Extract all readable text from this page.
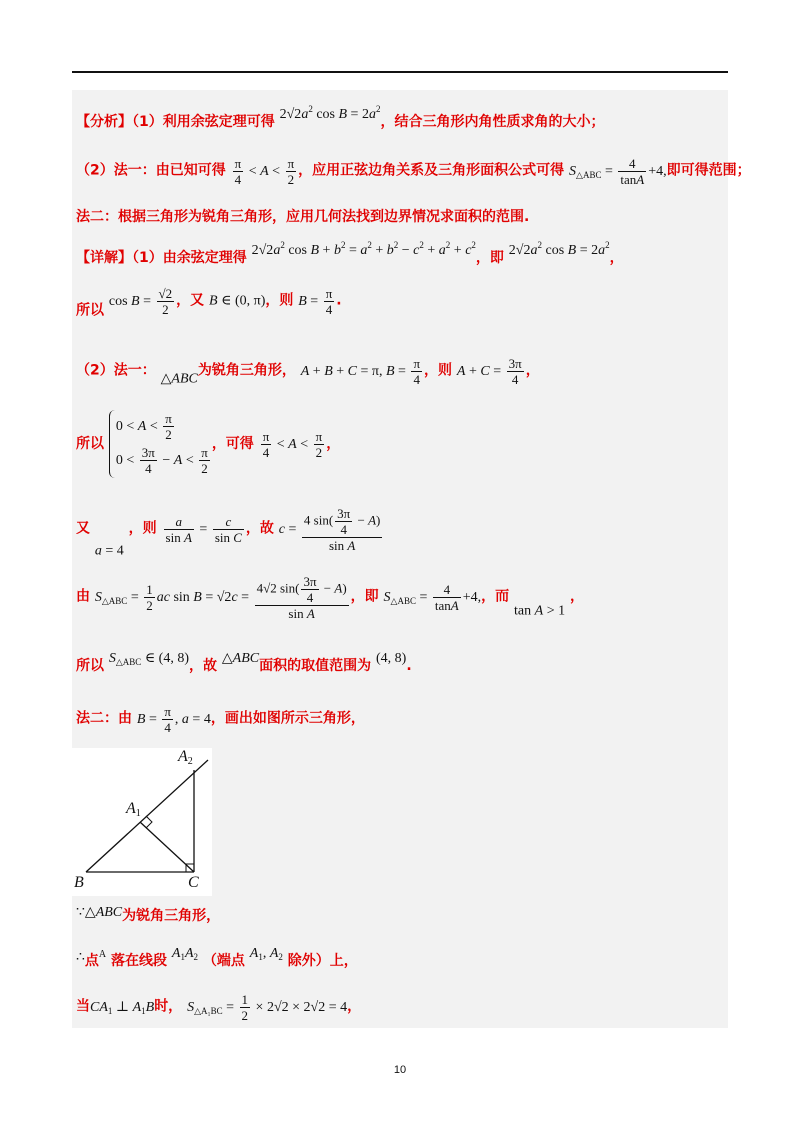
【分析】（1）利用余弦定理可得 $2√2a^2$ $\cos B = 2a^2$，结合三角形内角性质求角的大小；
（2）法一：由已知可得 $\frac{\pi}{4} < A < \frac{\pi}{2}$ ，应用正弦边角关系及三角形面积公式可得 $S_{\triangle ABC} = \frac{4}{\tan A} +4$,即可得范围；
法二：根据三角形为锐角三角形，应用几何法找到边界情况求面积的范围.
【详解】（1）由余弦定理得 $2√2a^2$ $\cos B + b^2 = a^2 + b^2 - c^2 + a^2 + c^2$，即 $2√2a^2$ $\cos B = 2a^2$，
所以 $\cos B = \frac{√2}{2}$ ，又 B ∈ (0, π)，则 $B = \frac{\pi}{4}$ .
（2）法一： △ABC为锐角三角形， A + B + C = π, $B = \frac{\pi}{4}$ ，则 $A + C = \frac{3\pi}{4}$ ，
所以
$0 < A < \frac{\pi}{2}$
$0 < \frac{3\pi}{4} - A < \frac{\pi}{2}$
，可得 $\frac{\pi}{4} < A < \frac{\pi}{2}$ ，
又 a = 4 ，则 $\frac{a}{\text{sin A}} = \frac{c}{\text{sin C}}$ ，故 $c = \frac{4 \sin( \frac{3\pi}{4} - A)}{\text{sin A}}$
由 $S_{\triangle ABC} = \frac{1}{2}$ ac $\sin B = √2c = \frac{4√2 \sin( \frac{3\pi}{4} - A)}{\text{sin A}}$ ，即 $S_{\triangle ABC} = \frac{4}{\tan A} +4$,，而 tan A > 1 ，
所以 $S_{\triangle ABC}$ ∈ (4, 8)，故 △ABC面积的取值范围为 (4, 8).
法二：由 $B = \frac{\pi}{4}$ , a = 4，画出如图所示三角形，
A2
A1
B	C
∵△ABC为锐角三角形，
∴点$^A$ 落在线段 $A_1A_2$ （端点 $A_1$, $A_2$ 除外）上，
当$CA_1$ ⊥ $A_1B$时， $S_{\triangle A_1BC} = \frac{1}{2} \times 2√2 \times 2√2 = 4$，
10
